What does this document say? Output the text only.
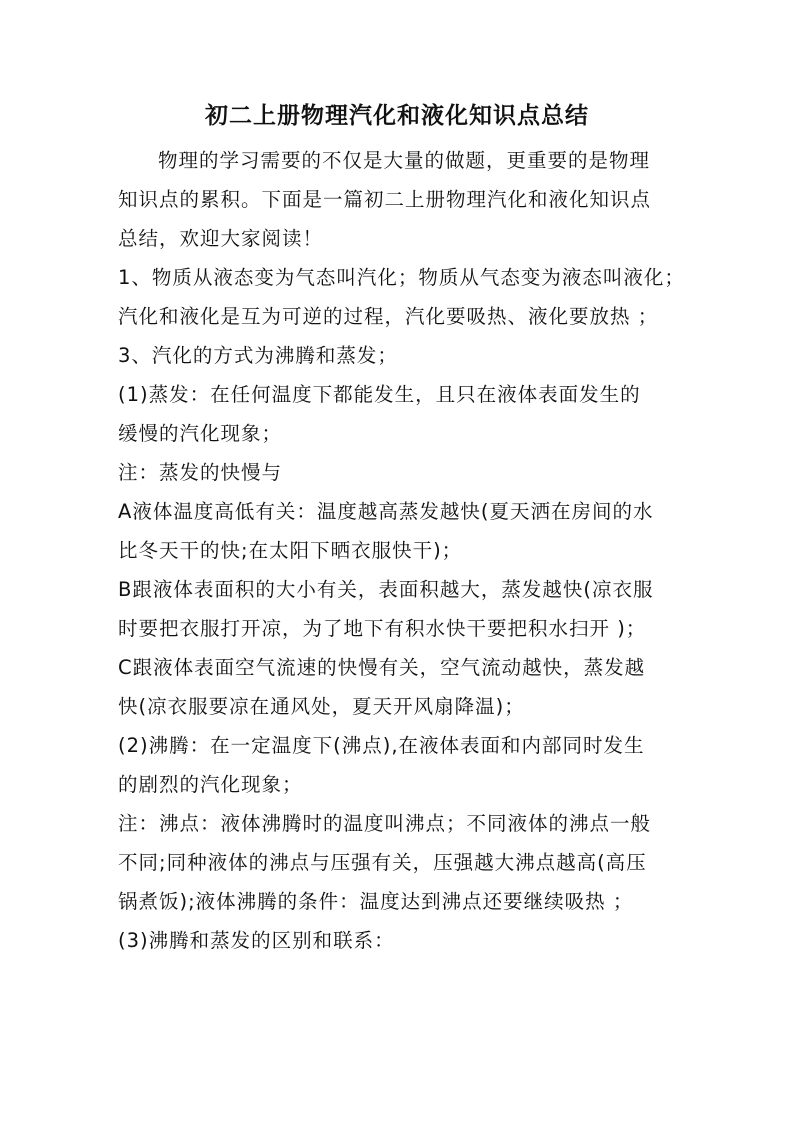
初二上册物理汽化和液化知识点总结
物理的学习需要的不仅是大量的做题，更重要的是物理
知识点的累积。下面是一篇初二上册物理汽化和液化知识点
总结，欢迎大家阅读！
1、物质从液态变为气态叫汽化；物质从气态变为液态叫液化；
汽化和液化是互为可逆的过程，汽化要吸热、液化要放热 ；
3、汽化的方式为沸腾和蒸发；
(1)蒸发：在任何温度下都能发生，且只在液体表面发生的
缓慢的汽化现象；
注：蒸发的快慢与
A液体温度高低有关：温度越高蒸发越快(夏天洒在房间的水
比冬天干的快;在太阳下晒衣服快干)；
B跟液体表面积的大小有关，表面积越大，蒸发越快(凉衣服
时要把衣服打开凉，为了地下有积水快干要把积水扫开 )；
C跟液体表面空气流速的快慢有关，空气流动越快，蒸发越
快(凉衣服要凉在通风处，夏天开风扇降温)；
(2)沸腾：在一定温度下(沸点),在液体表面和内部同时发生
的剧烈的汽化现象；
注：沸点：液体沸腾时的温度叫沸点；不同液体的沸点一般
不同;同种液体的沸点与压强有关，压强越大沸点越高(高压
锅煮饭);液体沸腾的条件：温度达到沸点还要继续吸热 ；
(3)沸腾和蒸发的区别和联系：
